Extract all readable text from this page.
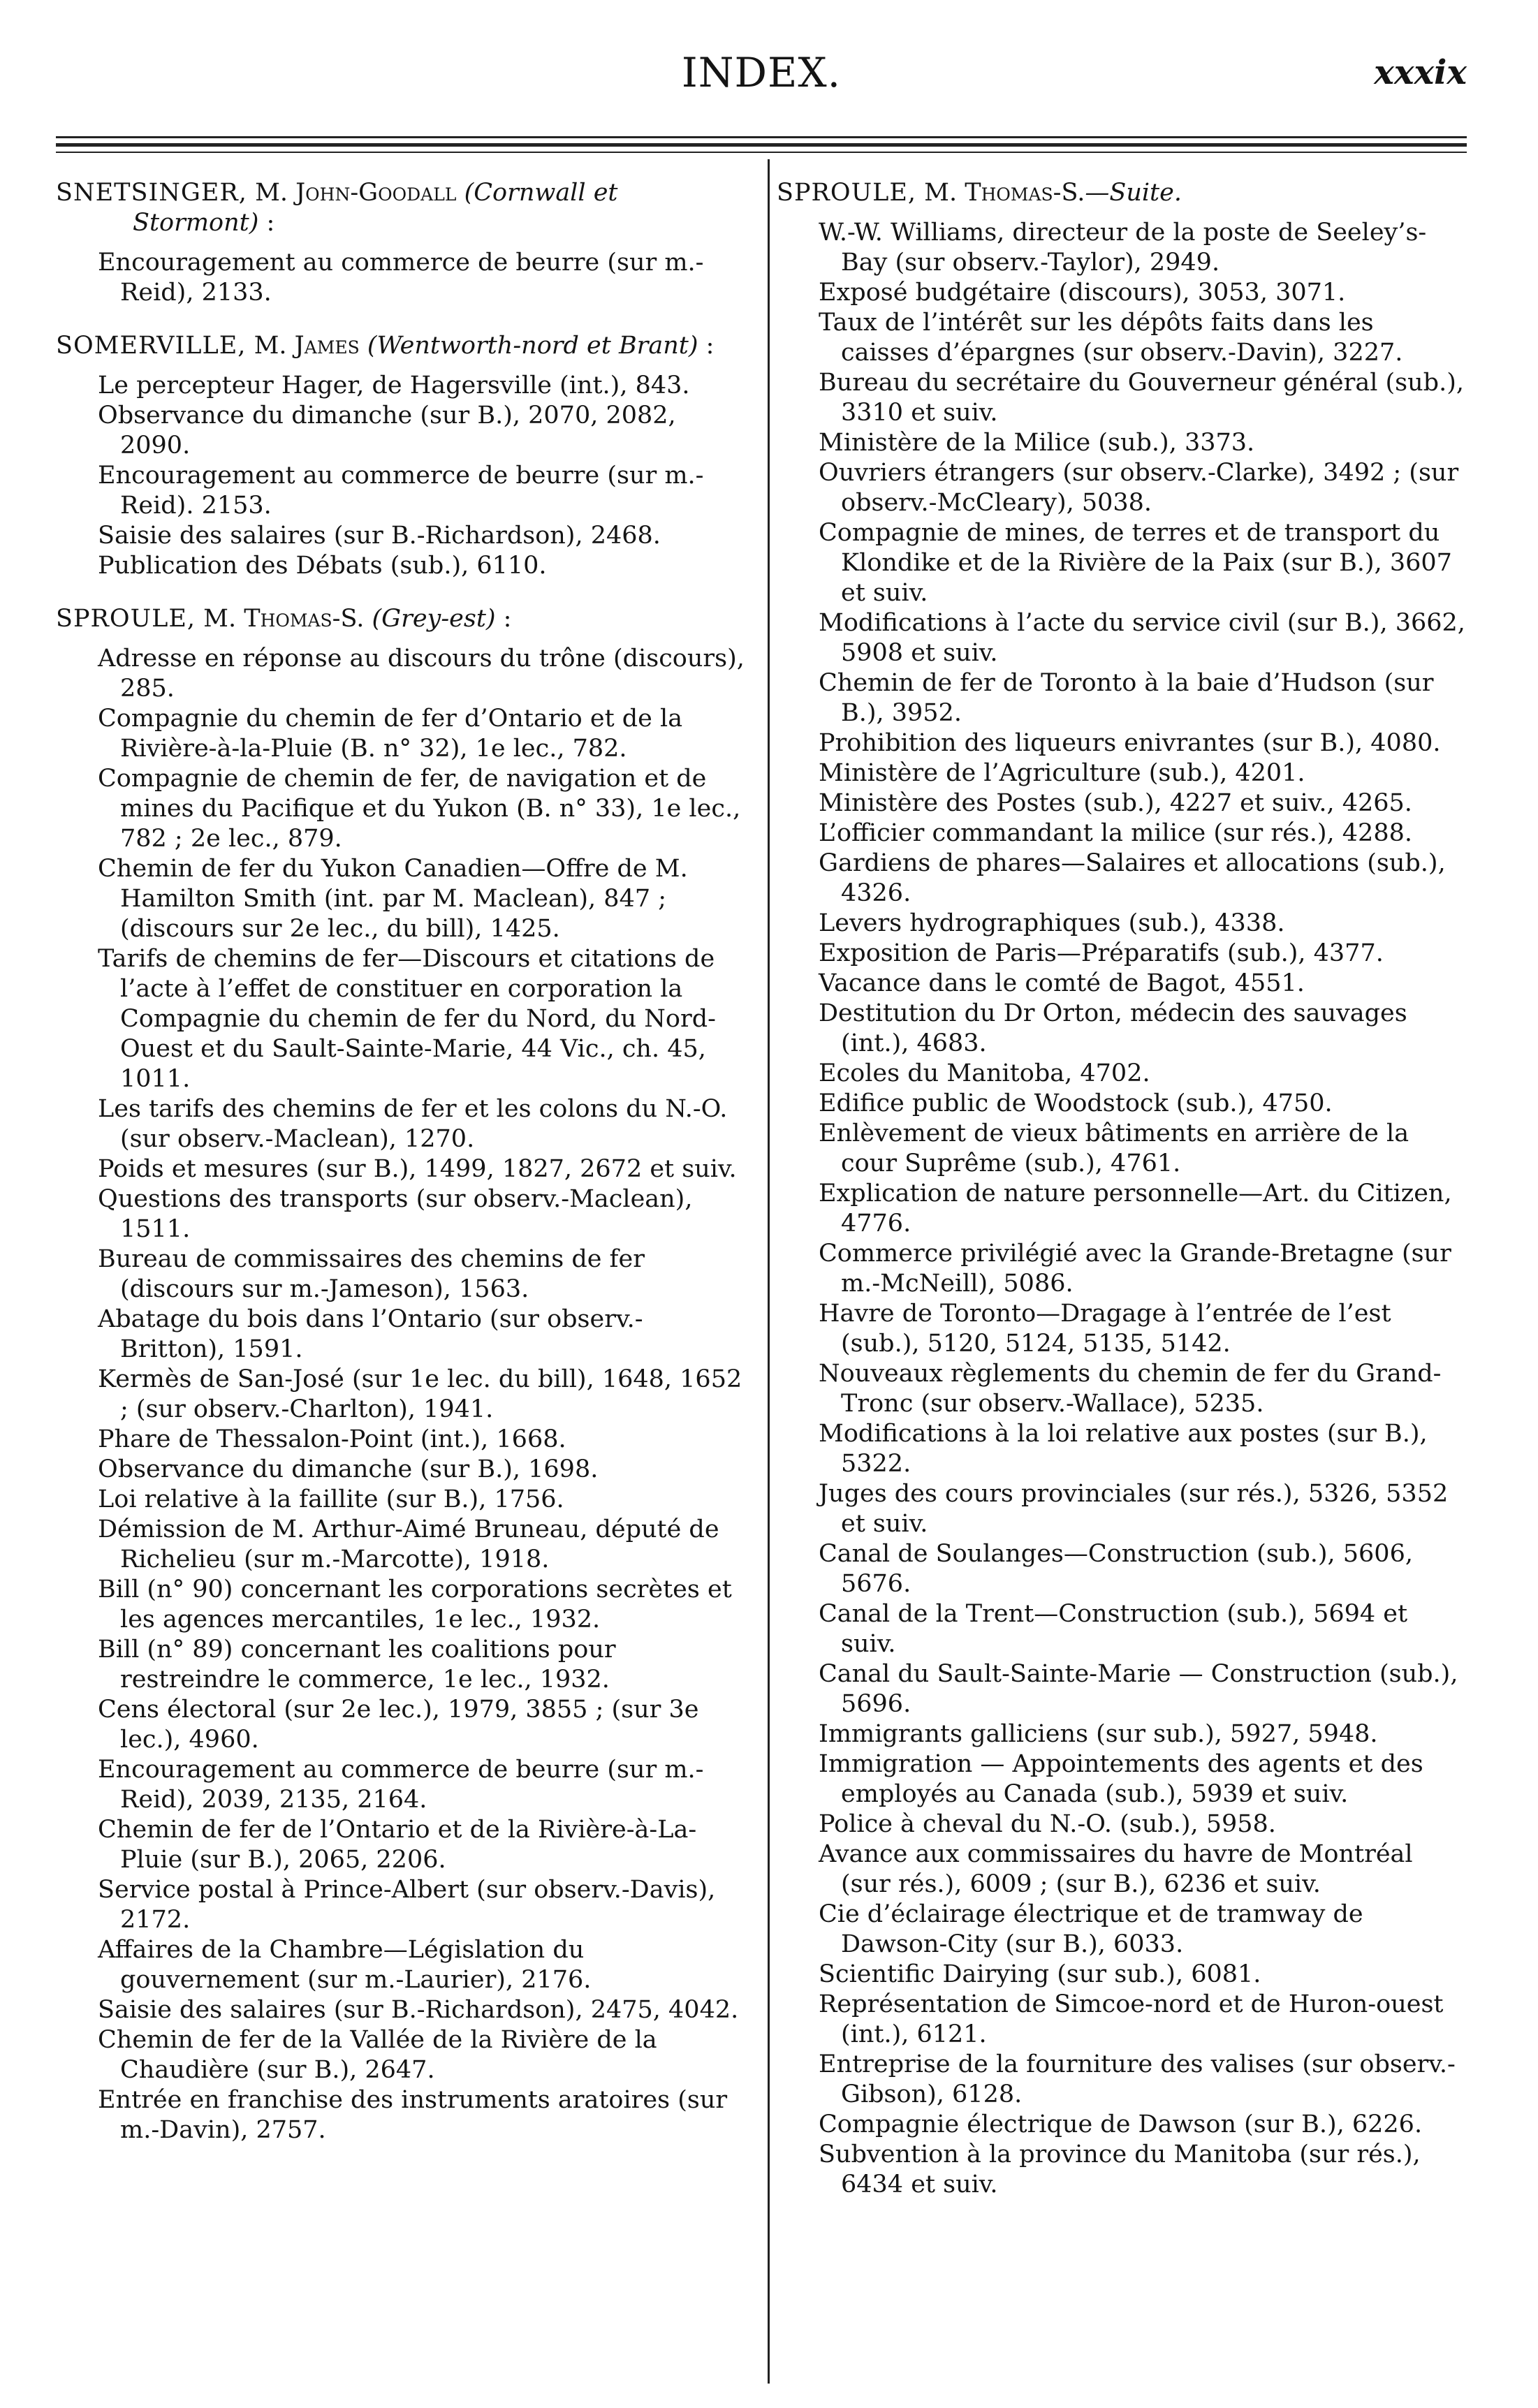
INDEX.	xxxix
SNETSINGER, M. John-Goodall (Cornwall et Stormont) :
Encouragement au commerce de beurre (sur m.-Reid), 2133.
SOMERVILLE, M. James (Wentworth-nord et Brant) :
Le percepteur Hager, de Hagersville (int.), 843.
Observance du dimanche (sur B.), 2070, 2082, 2090.
Encouragement au commerce de beurre (sur m.-Reid). 2153.
Saisie des salaires (sur B.-Richardson), 2468.
Publication des Débats (sub.), 6110.
SPROULE, M. Thomas-S. (Grey-est) :
Adresse en réponse au discours du trône (discours), 285.
Compagnie du chemin de fer d’Ontario et de la Rivière-à-la-Pluie (B. n° 32), 1e lec., 782.
Compagnie de chemin de fer, de navigation et de mines du Pacifique et du Yukon (B. n° 33), 1e lec., 782 ; 2e lec., 879.
Chemin de fer du Yukon Canadien—Offre de M. Hamilton Smith (int. par M. Maclean), 847 ; (discours sur 2e lec., du bill), 1425.
Tarifs de chemins de fer—Discours et citations de l’acte à l’effet de constituer en corporation la Compagnie du chemin de fer du Nord, du Nord-Ouest et du Sault-Sainte-Marie, 44 Vic., ch. 45, 1011.
Les tarifs des chemins de fer et les colons du N.-O. (sur observ.-Maclean), 1270.
Poids et mesures (sur B.), 1499, 1827, 2672 et suiv.
Questions des transports (sur observ.-Maclean), 1511.
Bureau de commissaires des chemins de fer (discours sur m.-Jameson), 1563.
Abatage du bois dans l’Ontario (sur observ.-Britton), 1591.
Kermès de San-José (sur 1e lec. du bill), 1648, 1652 ; (sur observ.-Charlton), 1941.
Phare de Thessalon-Point (int.), 1668.
Observance du dimanche (sur B.), 1698.
Loi relative à la faillite (sur B.), 1756.
Démission de M. Arthur-Aimé Bruneau, député de Richelieu (sur m.-Marcotte), 1918.
Bill (n° 90) concernant les corporations secrètes et les agences mercantiles, 1e lec., 1932.
Bill (n° 89) concernant les coalitions pour restreindre le commerce, 1e lec., 1932.
Cens électoral (sur 2e lec.), 1979, 3855 ; (sur 3e lec.), 4960.
Encouragement au commerce de beurre (sur m.-Reid), 2039, 2135, 2164.
Chemin de fer de l’Ontario et de la Rivière-à-La-Pluie (sur B.), 2065, 2206.
Service postal à Prince-Albert (sur observ.-Davis), 2172.
Affaires de la Chambre—Législation du gouvernement (sur m.-Laurier), 2176.
Saisie des salaires (sur B.-Richardson), 2475, 4042.
Chemin de fer de la Vallée de la Rivière de la Chaudière (sur B.), 2647.
Entrée en franchise des instruments aratoires (sur m.-Davin), 2757.
SPROULE, M. Thomas-S.—Suite.
W.-W. Williams, directeur de la poste de Seeley’s-Bay (sur observ.-Taylor), 2949.
Exposé budgétaire (discours), 3053, 3071.
Taux de l’intérêt sur les dépôts faits dans les caisses d’épargnes (sur observ.-Davin), 3227.
Bureau du secrétaire du Gouverneur général (sub.), 3310 et suiv.
Ministère de la Milice (sub.), 3373.
Ouvriers étrangers (sur observ.-Clarke), 3492 ; (sur observ.-McCleary), 5038.
Compagnie de mines, de terres et de transport du Klondike et de la Rivière de la Paix (sur B.), 3607 et suiv.
Modifications à l’acte du service civil (sur B.), 3662, 5908 et suiv.
Chemin de fer de Toronto à la baie d’Hudson (sur B.), 3952.
Prohibition des liqueurs enivrantes (sur B.), 4080.
Ministère de l’Agriculture (sub.), 4201.
Ministère des Postes (sub.), 4227 et suiv., 4265.
L’officier commandant la milice (sur rés.), 4288.
Gardiens de phares—Salaires et allocations (sub.), 4326.
Levers hydrographiques (sub.), 4338.
Exposition de Paris—Préparatifs (sub.), 4377.
Vacance dans le comté de Bagot, 4551.
Destitution du Dr Orton, médecin des sauvages (int.), 4683.
Ecoles du Manitoba, 4702.
Edifice public de Woodstock (sub.), 4750.
Enlèvement de vieux bâtiments en arrière de la cour Suprême (sub.), 4761.
Explication de nature personnelle—Art. du Citizen, 4776.
Commerce privilégié avec la Grande-Bretagne (sur m.-McNeill), 5086.
Havre de Toronto—Dragage à l’entrée de l’est (sub.), 5120, 5124, 5135, 5142.
Nouveaux règlements du chemin de fer du Grand-Tronc (sur observ.-Wallace), 5235.
Modifications à la loi relative aux postes (sur B.), 5322.
Juges des cours provinciales (sur rés.), 5326, 5352 et suiv.
Canal de Soulanges—Construction (sub.), 5606, 5676.
Canal de la Trent—Construction (sub.), 5694 et suiv.
Canal du Sault-Sainte-Marie — Construction (sub.), 5696.
Immigrants galliciens (sur sub.), 5927, 5948.
Immigration — Appointements des agents et des employés au Canada (sub.), 5939 et suiv.
Police à cheval du N.-O. (sub.), 5958.
Avance aux commissaires du havre de Montréal (sur rés.), 6009 ; (sur B.), 6236 et suiv.
Cie d’éclairage électrique et de tramway de Dawson-City (sur B.), 6033.
Scientific Dairying (sur sub.), 6081.
Représentation de Simcoe-nord et de Huron-ouest (int.), 6121.
Entreprise de la fourniture des valises (sur observ.-Gibson), 6128.
Compagnie électrique de Dawson (sur B.), 6226.
Subvention à la province du Manitoba (sur rés.), 6434 et suiv.
